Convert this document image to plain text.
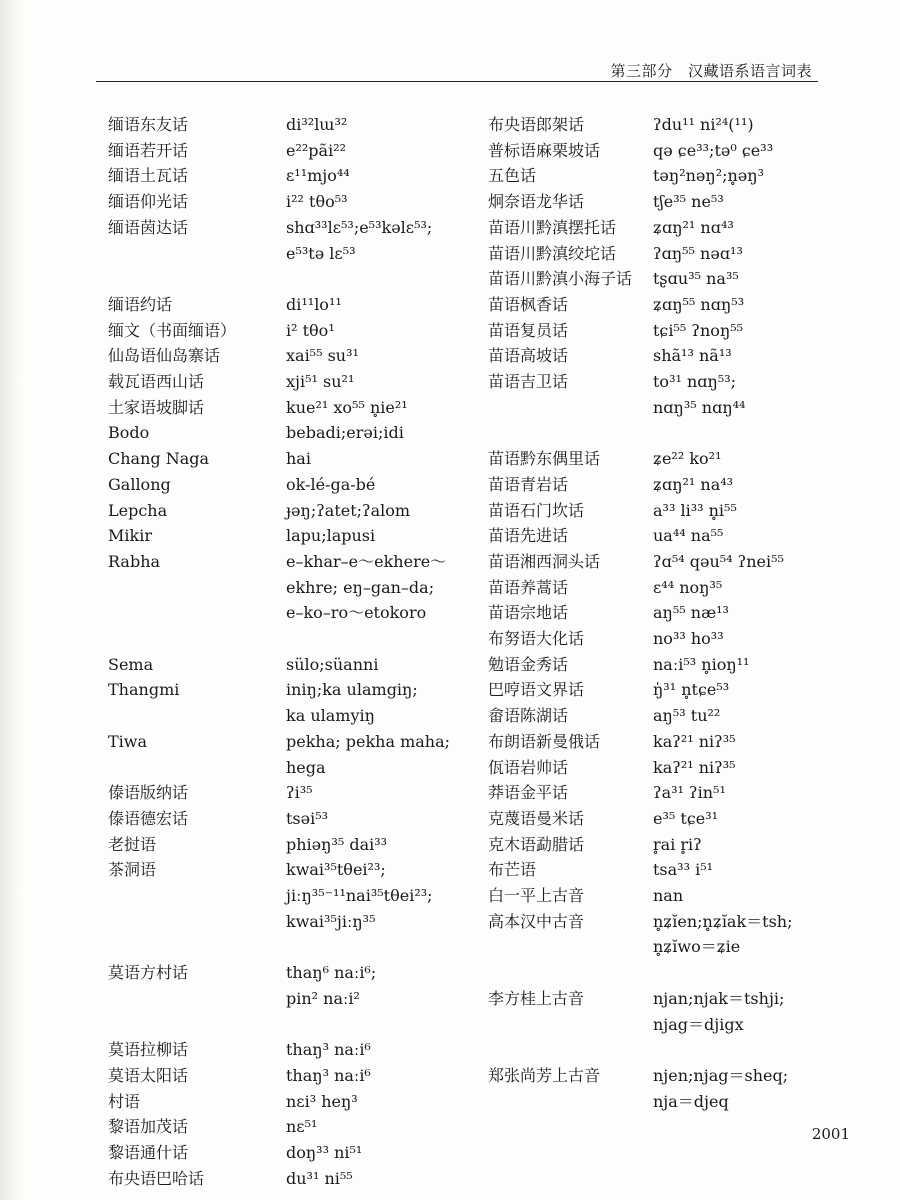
第三部分　汉藏语系语言词表
缅语东友话	di³²lɯ³²
缅语若开话	e²²pãi²²
缅语土瓦话	ɛ¹¹mjo⁴⁴
缅语仰光话	i²² tθo⁵³
缅语茵达话	shɑ³³lɛ⁵³;e⁵³kəlɛ⁵³;
e⁵³tə lɛ⁵³
缅语约话	di¹¹lo¹¹
缅文（书面缅语）	i² tθo¹
仙岛语仙岛寨话	xai⁵⁵ su³¹
载瓦语西山话	xji⁵¹ su²¹
土家语坡脚话	kue²¹ xo⁵⁵ n̥ie²¹
Bodo	bebadi;erəi;idi
Chang Naga	hai
Gallong	ok-lé-ga-bé
Lepcha	ɟəŋ;ʔatet;ʔalom
Mikir	lapu;lapusi
Rabha	e–khar–e～ekhere～
ekhre; eŋ–gan–da;
e–ko–ro～etokoro
Sema	sülo;süanni
Thangmi	iniŋ;ka ulamgiŋ;
ka ulamyiŋ
Tiwa	pekha; pekha maha;
hega
傣语版纳话	ʔi³⁵
傣语德宏话	tsəi⁵³
老挝语	phiəŋ³⁵ dai³³
茶洞语	kwai³⁵tθei²³;
jiːŋ³⁵⁻¹¹nai³⁵tθei²³;
kwai³⁵jiːŋ³⁵
莫语方村话	thaŋ⁶ naːi⁶;
pin² naːi²
莫语拉柳话	thaŋ³ naːi⁶
莫语太阳话	thaŋ³ naːi⁶
村语	nɛi³ heŋ³
黎语加茂话	nɛ⁵¹
黎语通什话	doŋ³³ ni⁵¹
布央语巴哈话	du³¹ ni⁵⁵
布央语郎架话	ʔdu¹¹ ni²⁴(¹¹)
普标语麻栗坡话	qə ɕe³³;tə⁰ ɕe³³
五色话	təŋ²nəŋ²;n̥əŋ³
炯奈语龙华话	tʃe³⁵ ne⁵³
苗语川黔滇摆托话	ʑɑŋ²¹ nɑ⁴³
苗语川黔滇绞坨话	ʔɑŋ⁵⁵ nəɑ¹³
苗语川黔滇小海子话	tʂɑu³⁵ na³⁵
苗语枫香话	ʑɑŋ⁵⁵ nɑŋ⁵³
苗语复员话	tɕi⁵⁵ ʔnoŋ⁵⁵
苗语高坡话	shã¹³ nã¹³
苗语吉卫话	to³¹ nɑŋ⁵³;
nɑŋ³⁵ nɑŋ⁴⁴
苗语黔东偶里话	ʑe²² ko²¹
苗语青岩话	ʑɑŋ²¹ na⁴³
苗语石门坎话	a³³ li³³ n̥i⁵⁵
苗语先进话	ua⁴⁴ na⁵⁵
苗语湘西洞头话	ʔɑ⁵⁴ qəu⁵⁴ ʔnei⁵⁵
苗语养蒿话	ɛ⁴⁴ noŋ³⁵
苗语宗地话	aŋ⁵⁵ næ¹³
布努语大化话	no³³ ho³³
勉语金秀话	naːi⁵³ n̥ioŋ¹¹
巴哼语文界话	ŋ̍³¹ n̥tɕe⁵³
畲语陈湖话	aŋ⁵³ tu²²
布朗语新曼俄话	kaʔ²¹ niʔ³⁵
佤语岩帅话	kaʔ²¹ niʔ³⁵
莽语金平话	ʔa³¹ ʔin⁵¹
克蔑语曼米话	e³⁵ tɕe³¹
克木语勐腊话	r̥ai r̥iʔ
布芒语	tsa³³ i⁵¹
白一平上古音	nan
高本汉中古音	n̥ʑĭen;n̥ʑĭak＝tsh;
n̥ʑĭwo＝ʑie
李方桂上古音	njan;njak＝tshji;
njag＝djigx
郑张尚芳上古音	njen;njag＝sheq;
nja＝djeq
2001
